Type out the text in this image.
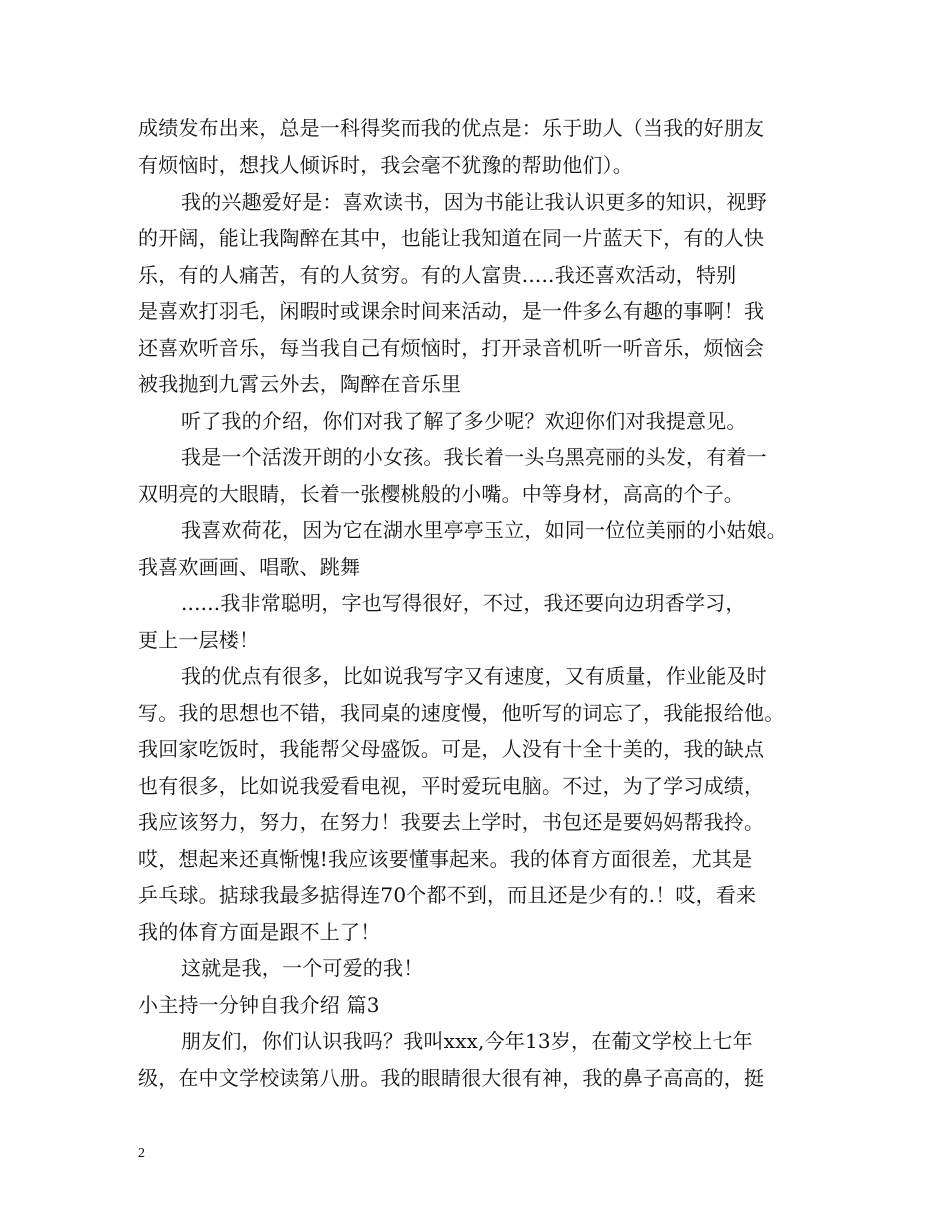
成绩发布出来，总是一科得奖而我的优点是：乐于助人（当我的好朋友
有烦恼时，想找人倾诉时，我会毫不犹豫的帮助他们）。
我的兴趣爱好是：喜欢读书，因为书能让我认识更多的知识，视野
的开阔，能让我陶醉在其中，也能让我知道在同一片蓝天下，有的人快
乐，有的人痛苦，有的人贫穷。有的人富贵.....我还喜欢活动，特别
是喜欢打羽毛，闲暇时或课余时间来活动，是一件多么有趣的事啊！我
还喜欢听音乐，每当我自己有烦恼时，打开录音机听一听音乐，烦恼会
被我抛到九霄云外去，陶醉在音乐里
听了我的介绍，你们对我了解了多少呢？欢迎你们对我提意见。
我是一个活泼开朗的小女孩。我长着一头乌黑亮丽的头发，有着一
双明亮的大眼睛，长着一张樱桃般的小嘴。中等身材，高高的个子。
我喜欢荷花，因为它在湖水里亭亭玉立，如同一位位美丽的小姑娘。
我喜欢画画、唱歌、跳舞
......我非常聪明，字也写得很好，不过，我还要向边玥香学习，
更上一层楼！
我的优点有很多，比如说我写字又有速度，又有质量，作业能及时
写。我的思想也不错，我同桌的速度慢，他听写的词忘了，我能报给他。
我回家吃饭时，我能帮父母盛饭。可是，人没有十全十美的，我的缺点
也有很多，比如说我爱看电视，平时爱玩电脑。不过，为了学习成绩，
我应该努力，努力，在努力！我要去上学时，书包还是要妈妈帮我拎。
哎，想起来还真惭愧!我应该要懂事起来。我的体育方面很差，尤其是
乒乓球。掂球我最多掂得连70个都不到，而且还是少有的.！哎，看来
我的体育方面是跟不上了！
这就是我，一个可爱的我！
小主持一分钟自我介绍 篇3
朋友们，你们认识我吗？我叫xxx,今年13岁，在葡文学校上七年
级，在中文学校读第八册。我的眼睛很大很有神，我的鼻子高高的，挺
2
